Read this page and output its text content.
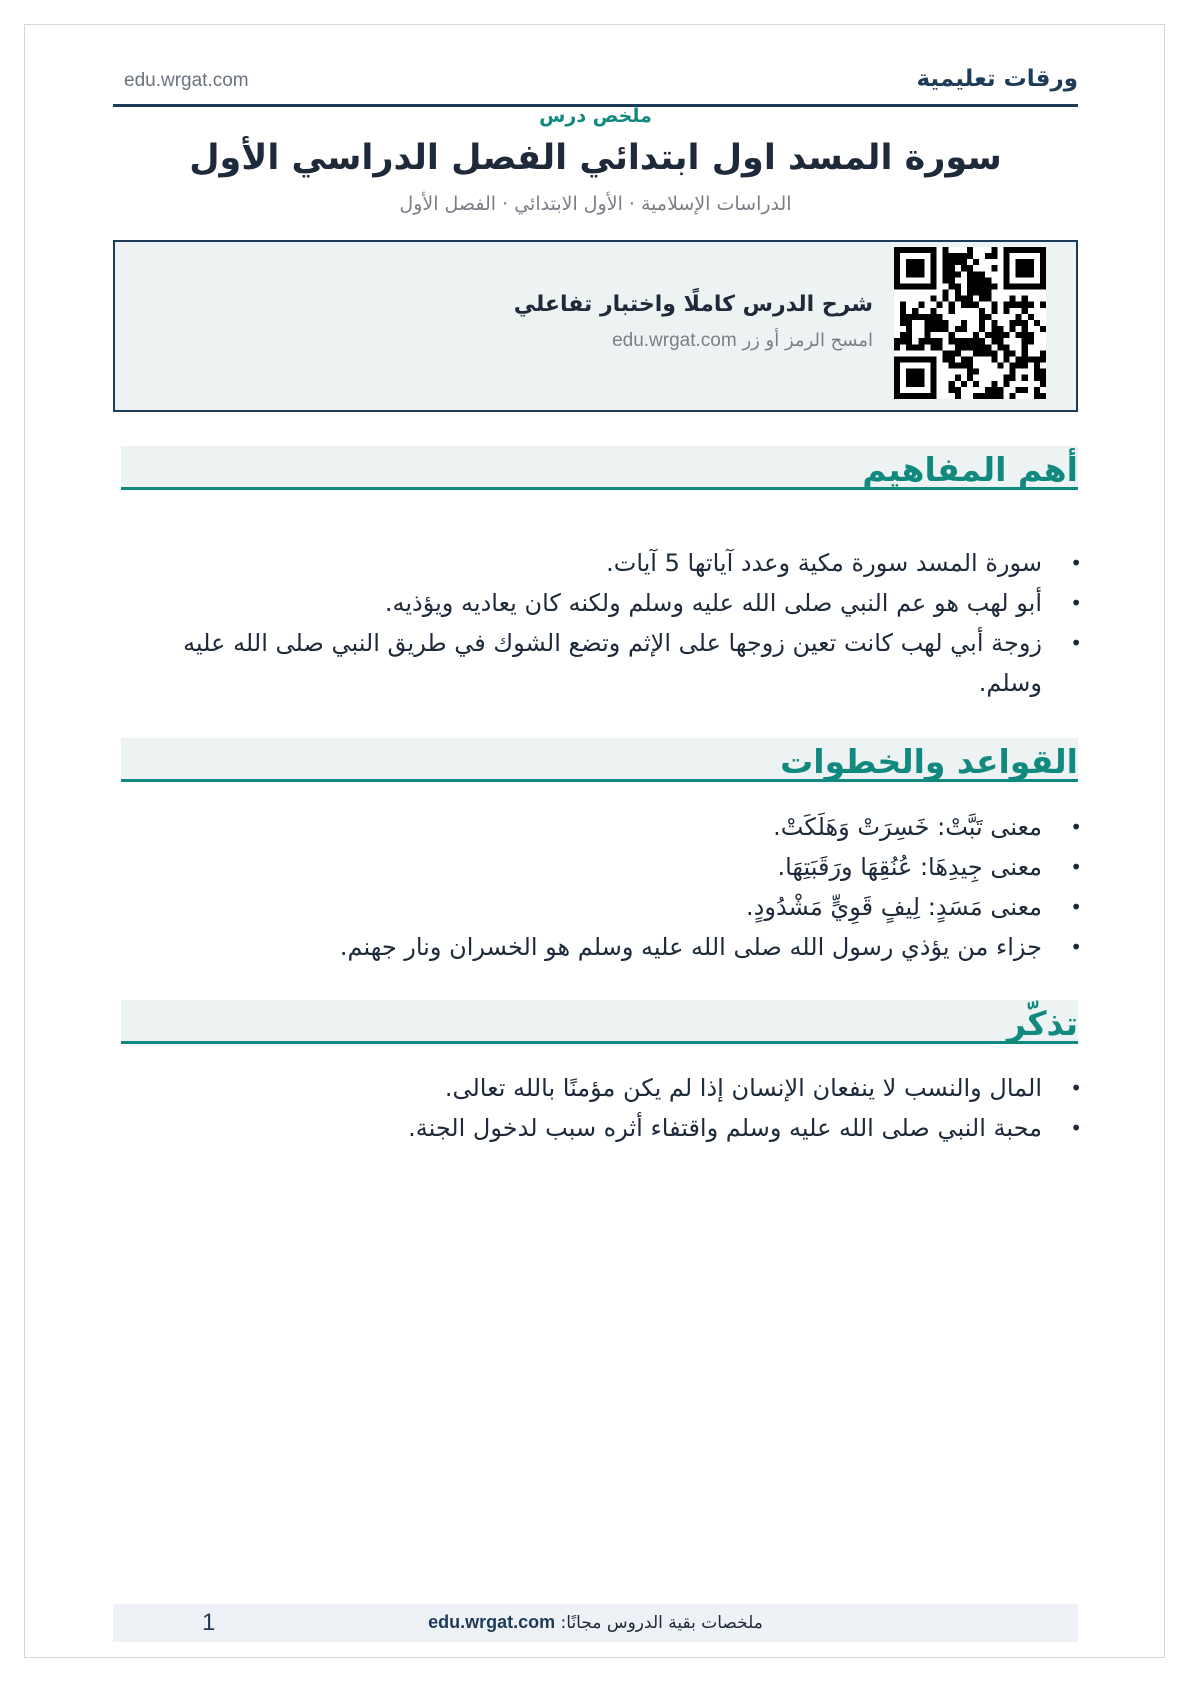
ورقات تعليمية
edu.wrgat.com
ملخص درس
سورة المسد اول ابتدائي الفصل الدراسي الأول
الدراسات الإسلامية · الأول الابتدائي · الفصل الأول
شرح الدرس كاملًا واختبار تفاعلي
امسح الرمز أو زر edu.wrgat.com
أهم المفاهيم
• سورة المسد سورة مكية وعدد آياتها 5 آيات.
• أبو لهب هو عم النبي صلى الله عليه وسلم ولكنه كان يعاديه ويؤذيه.
• زوجة أبي لهب كانت تعين زوجها على الإثم وتضع الشوك في طريق النبي صلى الله عليه وسلم.
القواعد والخطوات
• معنى تَبَّتْ: خَسِرَتْ وَهَلَكَتْ.
• معنى جِيدِهَا: عُنُقِهَا ورَقَبَتِهَا.
• معنى مَسَدٍ: لِيفٍ قَوِيٍّ مَشْدُودٍ.
• جزاء من يؤذي رسول الله صلى الله عليه وسلم هو الخسران ونار جهنم.
تذكّر
• المال والنسب لا ينفعان الإنسان إذا لم يكن مؤمنًا بالله تعالى.
• محبة النبي صلى الله عليه وسلم واقتفاء أثره سبب لدخول الجنة.
ملخصات بقية الدروس مجانًا: edu.wrgat.com
1
